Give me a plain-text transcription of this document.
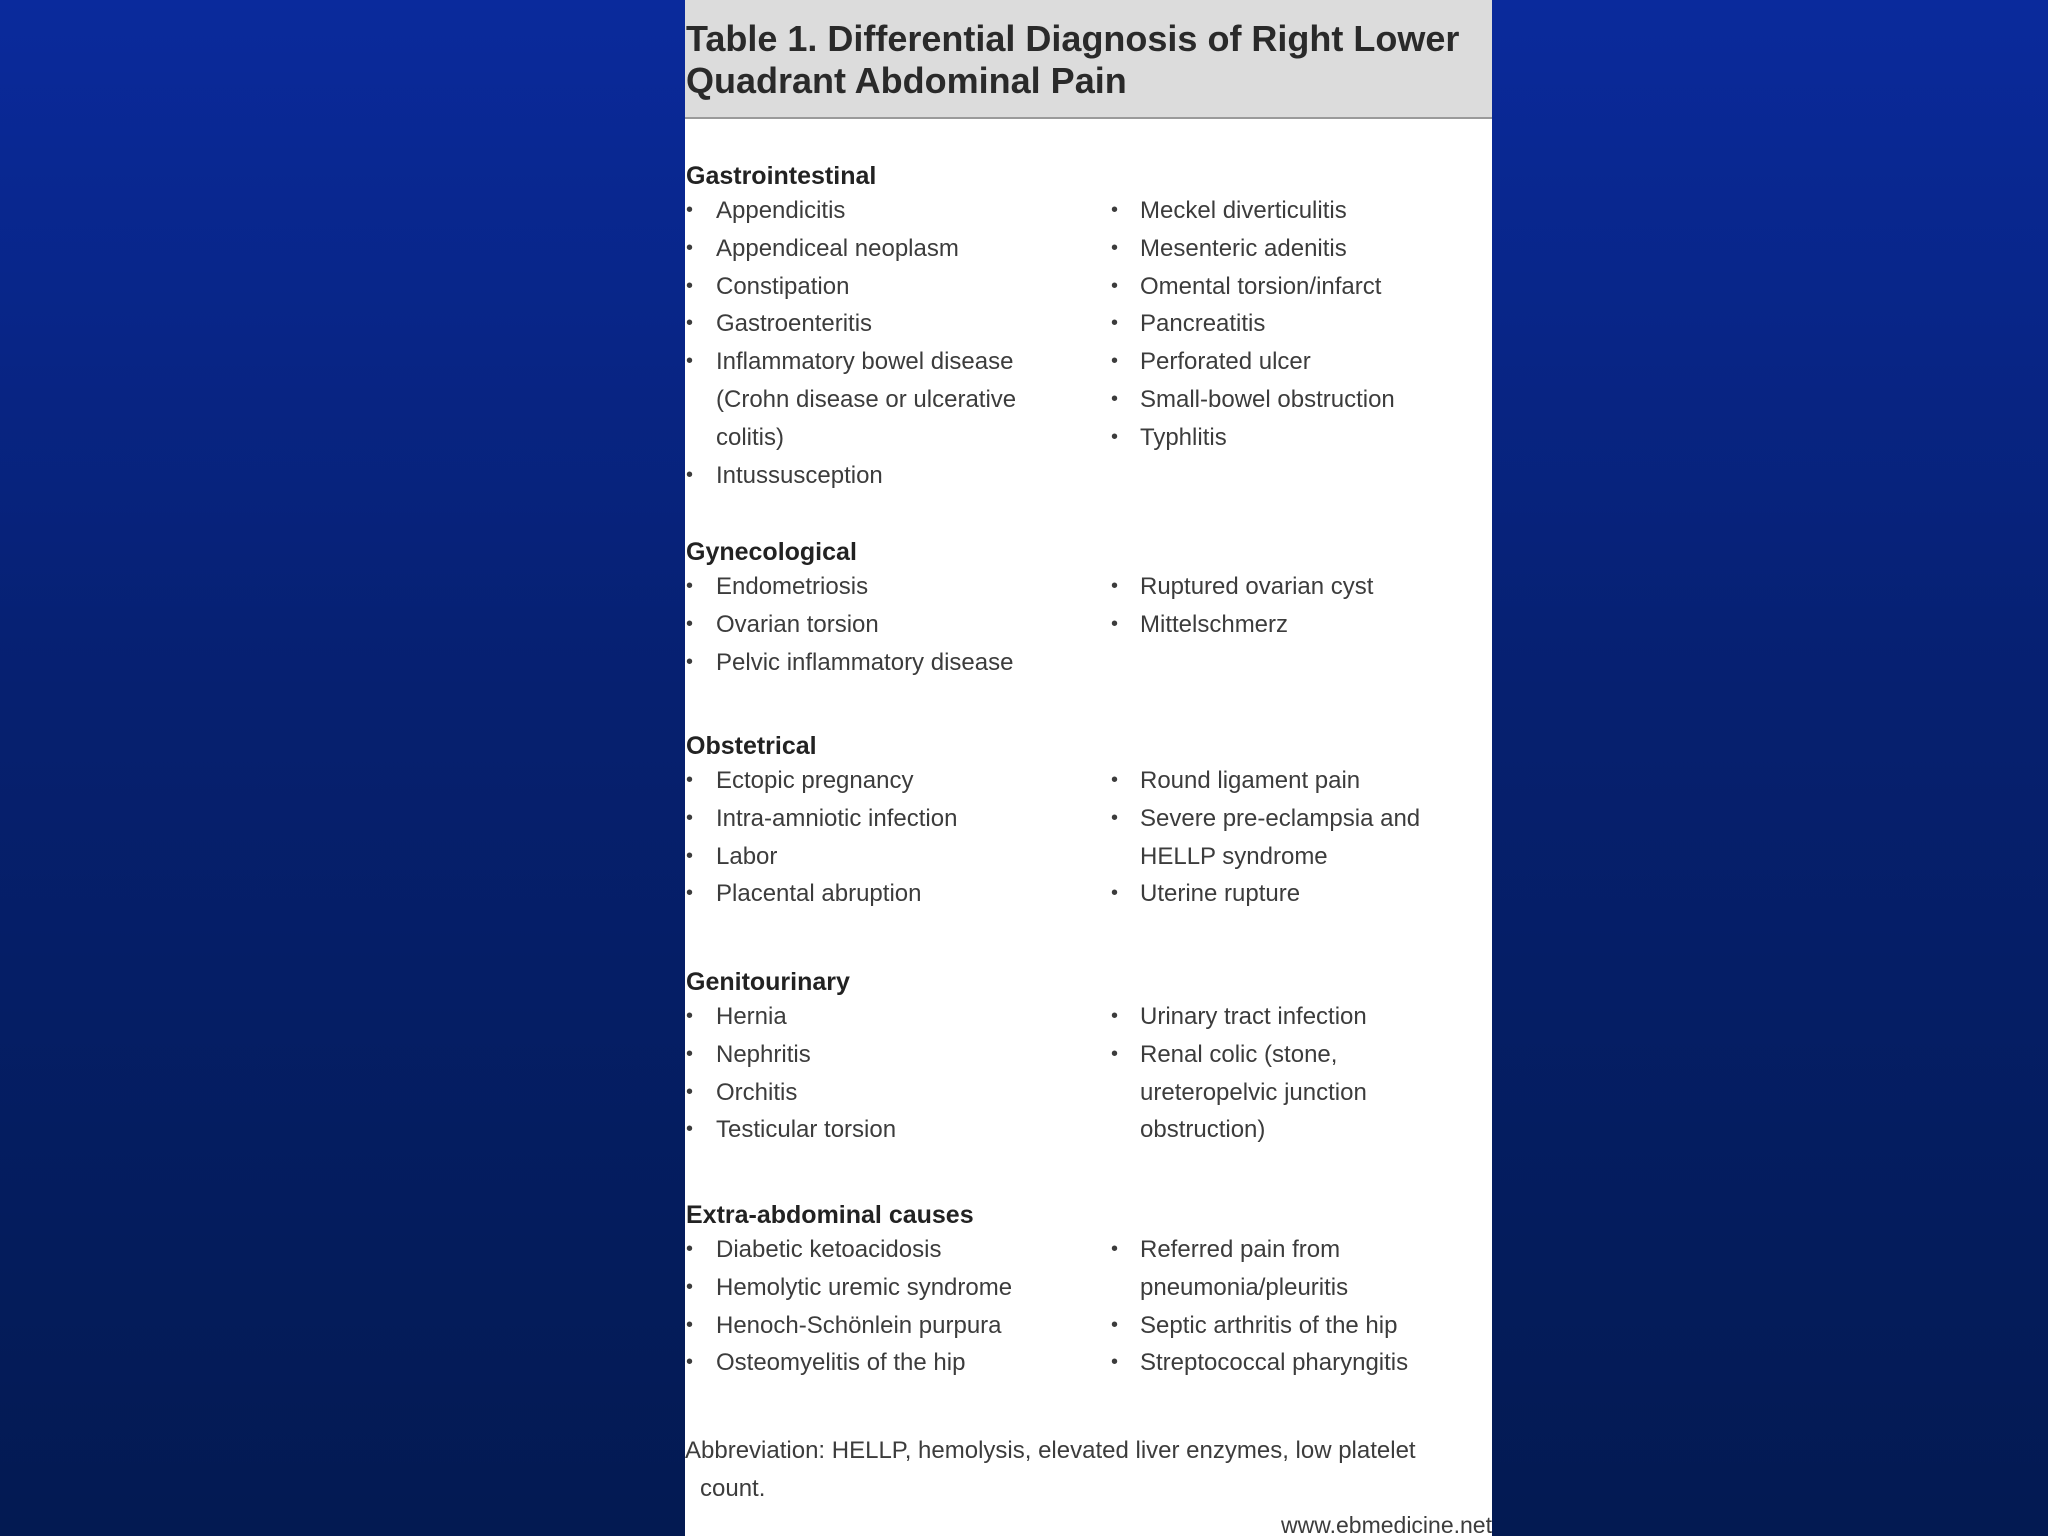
Table 1. Differential Diagnosis of Right Lower
Quadrant Abdominal Pain
Gastrointestinal
• Appendicitis
• Appendiceal neoplasm
• Constipation
• Gastroenteritis
• Inflammatory bowel disease (Crohn disease or ulcerative colitis)
• Intussusception
• Meckel diverticulitis
• Mesenteric adenitis
• Omental torsion/infarct
• Pancreatitis
• Perforated ulcer
• Small-bowel obstruction
• Typhlitis
Gynecological
• Endometriosis
• Ovarian torsion
• Pelvic inflammatory disease
• Ruptured ovarian cyst
• Mittelschmerz
Obstetrical
• Ectopic pregnancy
• Intra-amniotic infection
• Labor
• Placental abruption
• Round ligament pain
• Severe pre-eclampsia and HELLP syndrome
• Uterine rupture
Genitourinary
• Hernia
• Nephritis
• Orchitis
• Testicular torsion
• Urinary tract infection
• Renal colic (stone, ureteropelvic junction obstruction)
Extra-abdominal causes
• Diabetic ketoacidosis
• Hemolytic uremic syndrome
• Henoch-Schönlein purpura
• Osteomyelitis of the hip
• Referred pain from pneumonia/pleuritis
• Septic arthritis of the hip
• Streptococcal pharyngitis

Abbreviation: HELLP, hemolysis, elevated liver enzymes, low platelet
count.

www.ebmedicine.net
